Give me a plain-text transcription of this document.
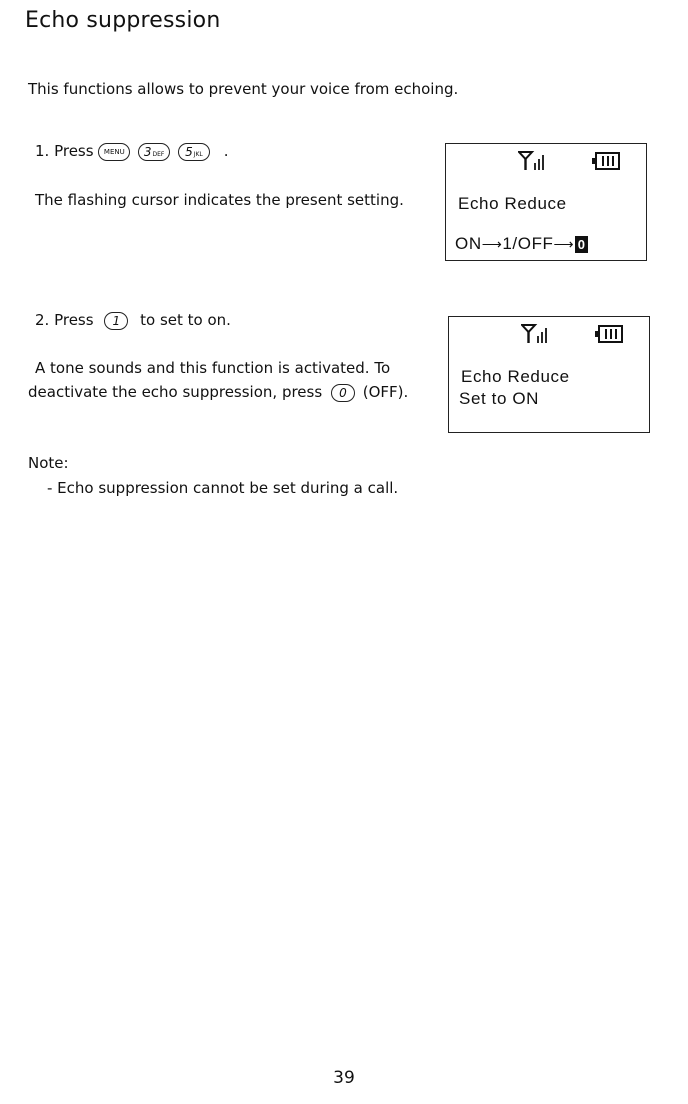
Echo suppression
This functions allows to prevent your voice from echoing.
1. Press MENU 3DEF 5JKL .
The flashing cursor indicates the present setting.	Echo Reduce
ON⟶1/OFF⟶ 0
2. Press 1 to set to on.
A tone sounds and this function is activated. To
deactivate the echo suppression, press 0 (OFF).
Echo Reduce
Set to ON
Note:
- Echo suppression cannot be set during a call.
39
